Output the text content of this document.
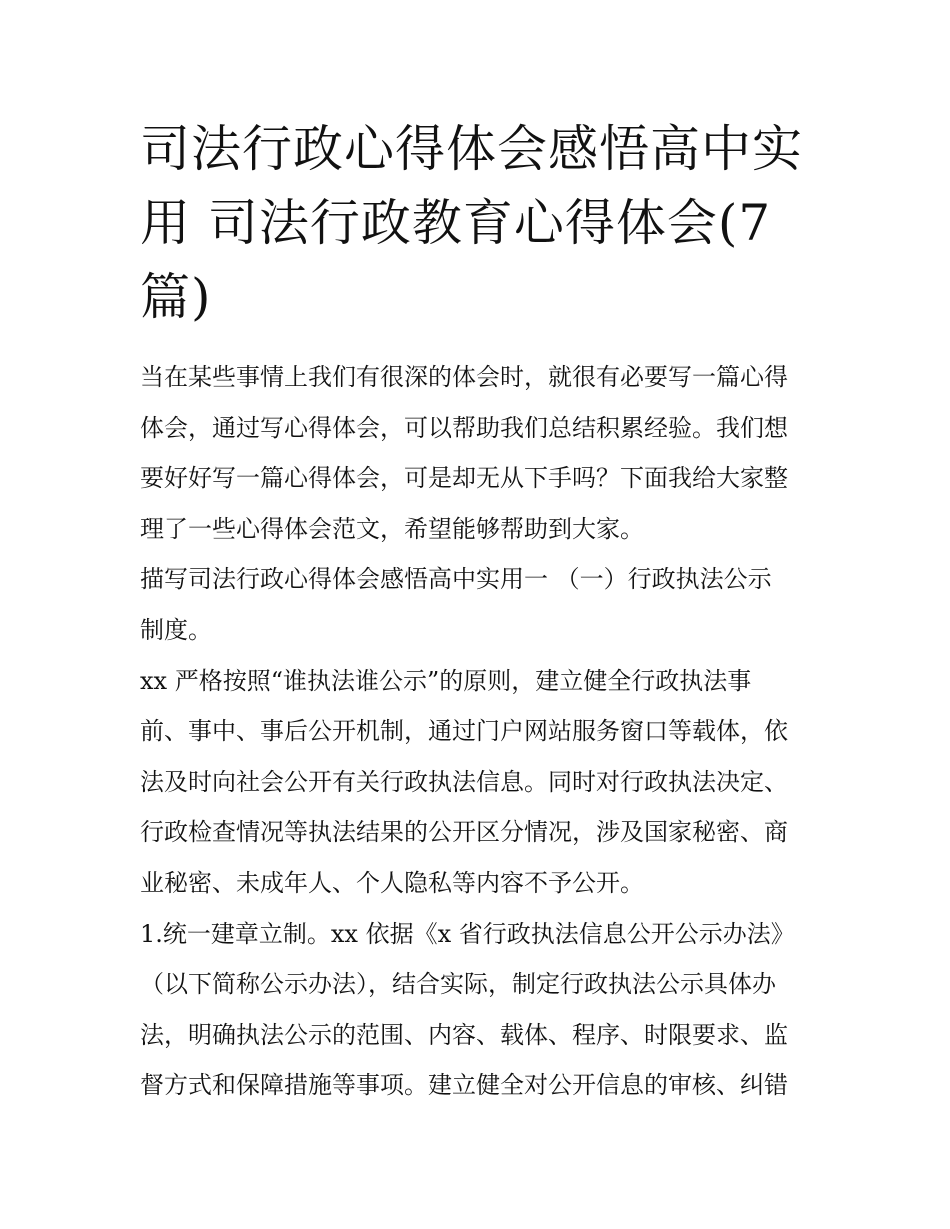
司法行政心得体会感悟高中实
用 司法行政教育心得体会(7
篇)
当在某些事情上我们有很深的体会时，就很有必要写一篇心得
体会，通过写心得体会，可以帮助我们总结积累经验。我们想
要好好写一篇心得体会，可是却无从下手吗？下面我给大家整
理了一些心得体会范文，希望能够帮助到大家。
描写司法行政心得体会感悟高中实用一 （一）行政执法公示
制度。
xx 严格按照“谁执法谁公示”的原则，建立健全行政执法事
前、事中、事后公开机制，通过门户网站服务窗口等载体，依
法及时向社会公开有关行政执法信息。同时对行政执法决定、
行政检查情况等执法结果的公开区分情况，涉及国家秘密、商
业秘密、未成年人、个人隐私等内容不予公开。
1.统一建章立制。xx 依据《x 省行政执法信息公开公示办法》
（以下简称公示办法），结合实际，制定行政执法公示具体办
法，明确执法公示的范围、内容、载体、程序、时限要求、监
督方式和保障措施等事项。建立健全对公开信息的审核、纠错
